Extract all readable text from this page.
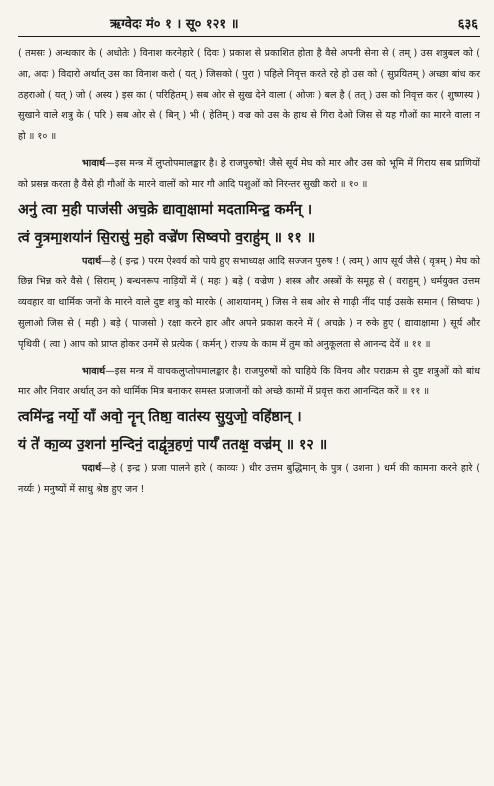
ऋग्वेदः मं० १ । सू० १२१ ॥	६३६

( तमसः ) अन्धकार के ( अधोतेः ) विनाश करनेहारे ( दिवः ) प्रकाश से प्रकाशित होता है वैसे अपनी सेना से ( तम् ) उस शत्रुबल को ( आ, अदः ) विदारो अर्थात् उस का विनाश करो ( यत् ) जिसको ( पुरा ) पहिले निवृत्त करते रहे हो उस को ( सुप्रयितम् ) अच्छा बांध कर ठहराओ ( यत् ) जो ( अस्य ) इस का ( परिहितम् ) सब ओर से सुख देने वाला ( ओजः ) बल है ( तत् ) उस को निवृत्त कर ( शुष्णस्य ) सुखाने वाले शत्रु के ( परि ) सब ओर से ( बिन् ) भी ( हेतिम् ) वज्र को उस के हाथ से गिरा देओ जिस से यह गौओं का मारने वाला न हो ॥ १० ॥

भावार्थ—इस मन्त्र में लुप्तोपमालङ्कार है। हे राजपुरुषो! जैसे सूर्य मेघ को मार और उस को भूमि में गिराय सब प्राणियों को प्रसन्न करता है वैसे ही गौओं के मारने वालों को मार गौ आदि पशुओं को निरन्तर सुखी करो ॥ १० ॥

अनु॑ त्वा म॒ही पाज॑सी अच॒क्रे द्यावा॒क्षामा॑ मदतामिन्द्र॒ कर्म॑न् ।

त्वं वृ॒त्रमा॒शया॑नं सि॒रासु॑ म॒हो वज्रे॑ण सिष्वपो व॒राहु॑म् ॥ ११ ॥

पदार्थ—हे ( इन्द्र ) परम ऐश्वर्य को पाये हुए सभाध्यक्ष आदि सज्जन पुरुष ! ( त्वम् ) आप सूर्य जैसे ( वृत्रम् ) मेघ को छिन्न भिन्न करे वैसे ( सिराम् ) बन्धनरूप नाड़ियों में ( महः ) बड़े ( वज्रेण ) शस्त्र और अस्त्रों के समूह से ( वराहुम् ) धर्मयुक्त उत्तम व्यवहार वा धार्मिक जनों के मारने वाले दुष्ट शत्रु को मारके ( आशयानम् ) जिस ने सब ओर से गाढ़ी नींद पाई उसके समान ( सिष्वपः ) सुलाओ जिस से ( मही ) बड़े ( पाजसो ) रक्षा करने हार और अपने प्रकाश करने में ( अचक्रे ) न रुके हुए ( द्यावाक्षामा ) सूर्य और पृथिवी ( त्वा ) आप को प्राप्त होकर उनमें से प्रत्येक ( कर्मन् ) राज्य के काम में तुम को अनुकूलता से आनन्द देवें ॥ ११ ॥

भावार्थ—इस मन्त्र में वाचकलुप्तोपमालङ्कार है। राजपुरुषों को चाहिये कि विनय और पराक्रम से दुष्ट शत्रुओं को बांध मार और निवार अर्थात् उन को धार्मिक मित्र बनाकर समस्त प्रजाजनों को अच्छे कामों में प्रवृत्त करा आनन्दित करें ॥ ११ ॥

त्वमि॑न्द्र॒ नर्यो॒ याँ अवो॒ नॄन् तिष्ठा॒ वात॑स्य सु॒युजो॒ वहि॑ष्ठान् ।

यं ते॑ का॒व्य उ॒शना॑ म॒न्दिनं॒ दाद्वृ॑त्र॒हणं॒ पार्यं॑ ततक्ष॒ वज्र॑म् ॥ १२ ॥

पदार्थ—हे ( इन्द्र ) प्रजा पालने हारे ( काव्यः ) धीर उत्तम बुद्धिमान् के पुत्र ( उशना ) धर्म की कामना करने हारे ( नर्य्यः ) मनुष्यों में साधु श्रेष्ठ हुए जन !
